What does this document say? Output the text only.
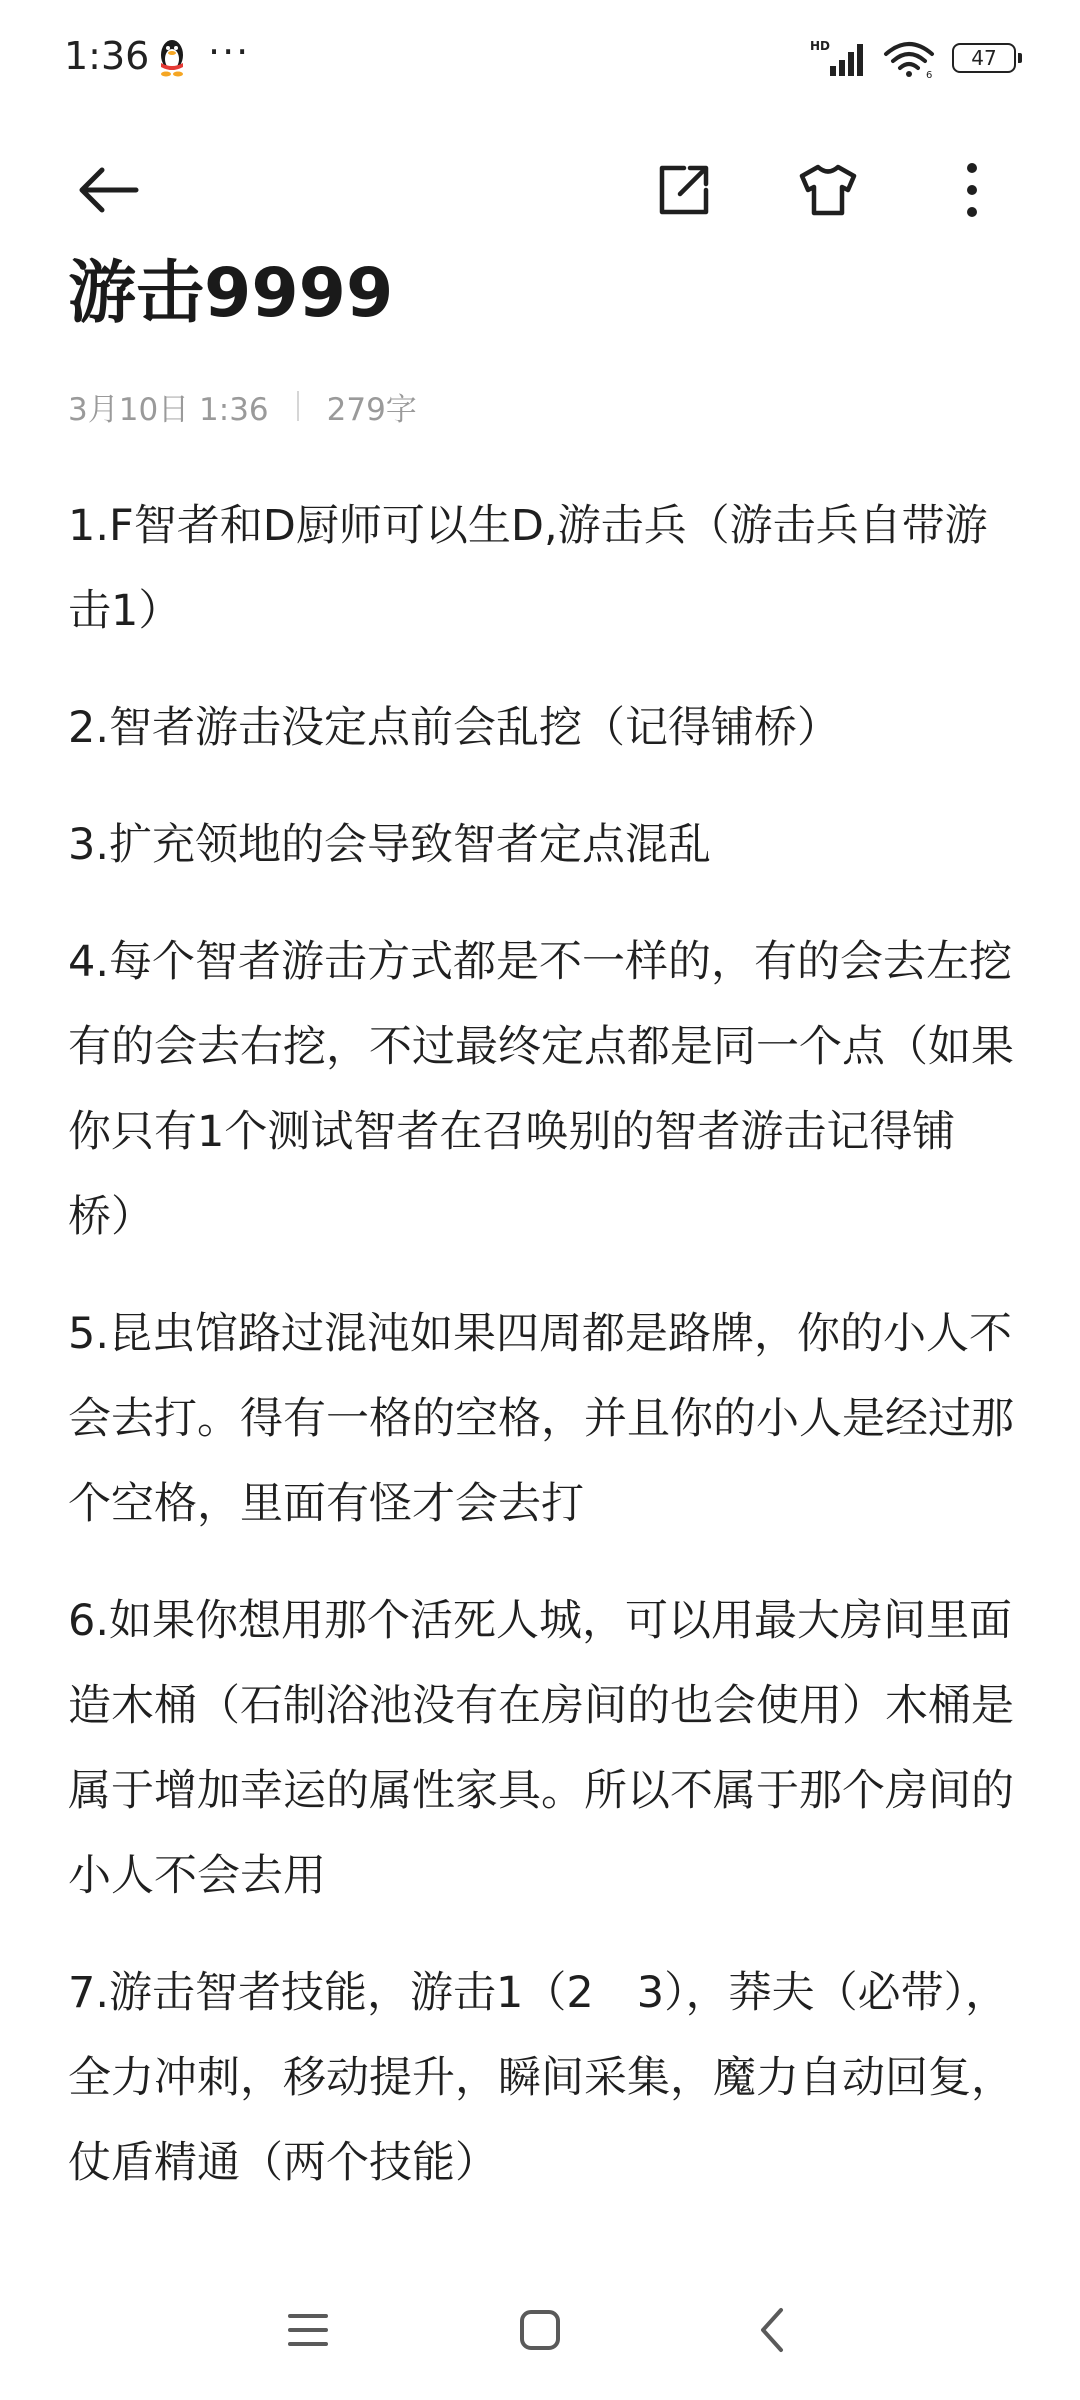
1:36 ···	HD
6
47
游击9999
3月10日 1:36 279字

1.F智者和D厨师可以生D,游击兵（游击兵自带游击1）

2.智者游击没定点前会乱挖（记得铺桥）

3.扩充领地的会导致智者定点混乱

4.每个智者游击方式都是不一样的，有的会去左挖有的会去右挖，不过最终定点都是同一个点（如果你只有1个测试智者在召唤别的智者游击记得铺桥）

5.昆虫馆路过混沌如果四周都是路牌，你的小人不会去打。得有一格的空格，并且你的小人是经过那个空格，里面有怪才会去打

6.如果你想用那个活死人城，可以用最大房间里面造木桶（石制浴池没有在房间的也会使用）木桶是属于增加幸运的属性家具。所以不属于那个房间的小人不会去用

7.游击智者技能，游击1（2　3），莽夫（必带），全力冲刺，移动提升，瞬间采集，魔力自动回复，仗盾精通（两个技能）
